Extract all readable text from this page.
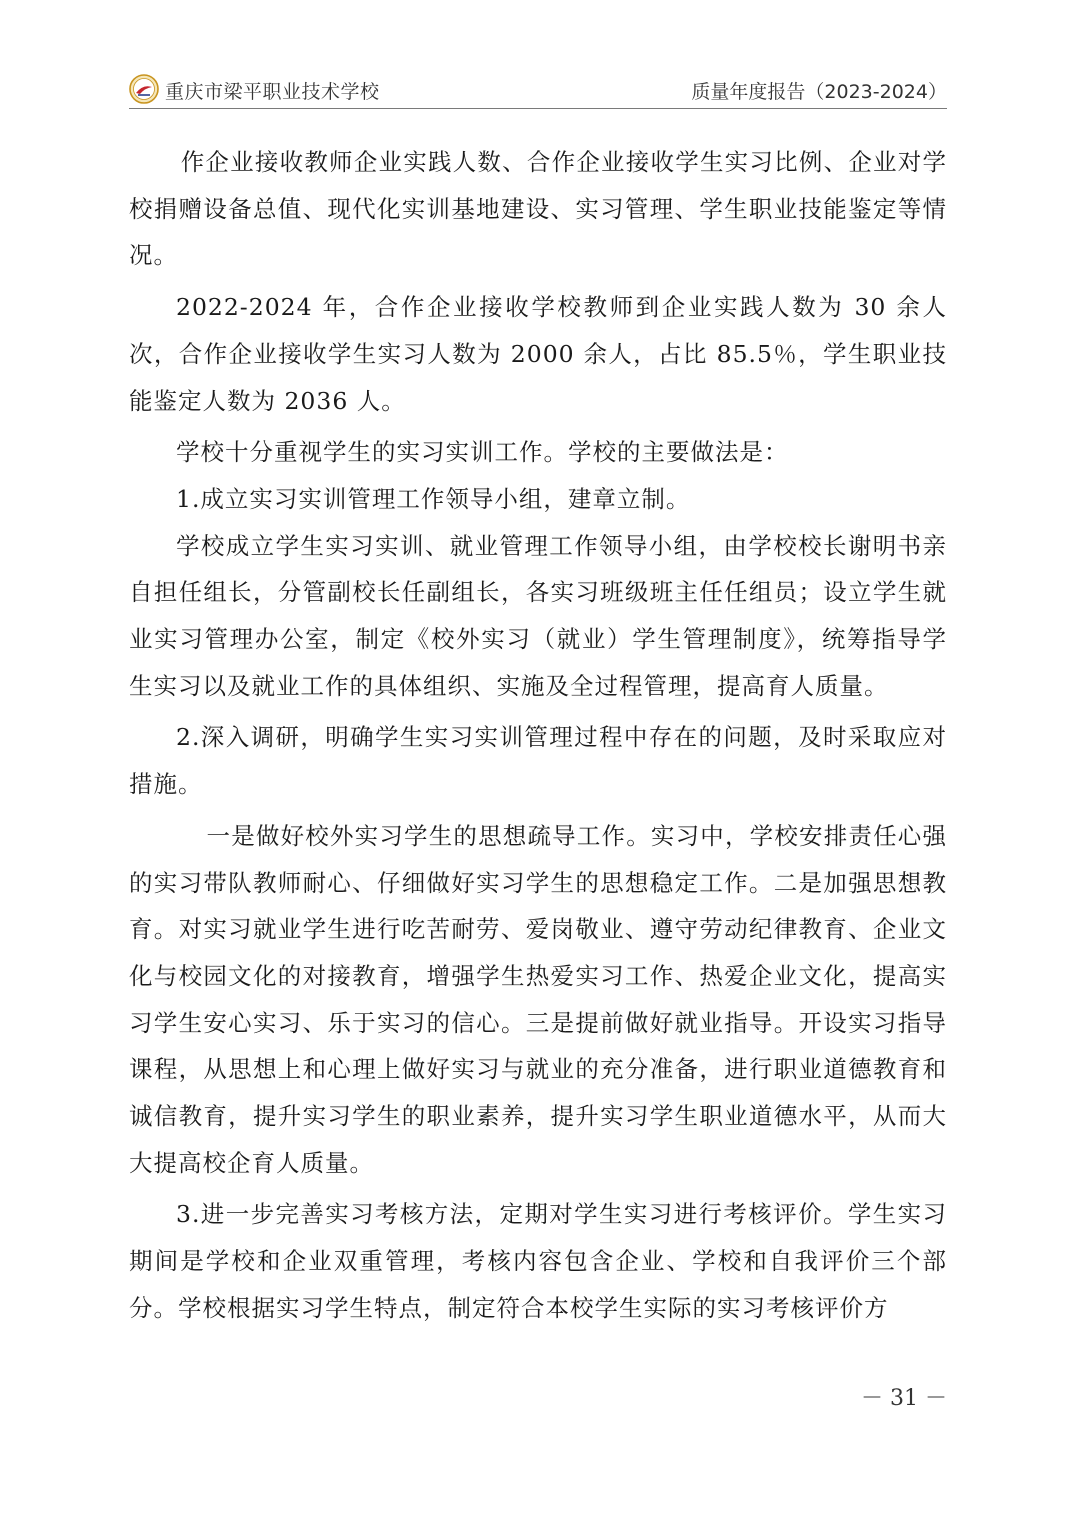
重庆市梁平职业技术学校	质量年度报告（2023-2024）

作企业接收教师企业实践人数、合作企业接收学生实习比例、企业对学校捐赠设备总值、现代化实训基地建设、实习管理、学生职业技能鉴定等情况。

2022-2024 年，合作企业接收学校教师到企业实践人数为 30 余人次，合作企业接收学生实习人数为 2000 余人，占比 85.5％，学生职业技能鉴定人数为 2036 人。

学校十分重视学生的实习实训工作。学校的主要做法是：

1.成立实习实训管理工作领导小组，建章立制。

学校成立学生实习实训、就业管理工作领导小组，由学校校长谢明书亲自担任组长，分管副校长任副组长，各实习班级班主任任组员；设立学生就业实习管理办公室，制定《校外实习（就业）学生管理制度》，统筹指导学生实习以及就业工作的具体组织、实施及全过程管理，提高育人质量。

2.深入调研，明确学生实习实训管理过程中存在的问题，及时采取应对措施。

一是做好校外实习学生的思想疏导工作。实习中，学校安排责任心强的实习带队教师耐心、仔细做好实习学生的思想稳定工作。二是加强思想教育。对实习就业学生进行吃苦耐劳、爱岗敬业、遵守劳动纪律教育、企业文化与校园文化的对接教育，增强学生热爱实习工作、热爱企业文化，提高实习学生安心实习、乐于实习的信心。三是提前做好就业指导。开设实习指导课程，从思想上和心理上做好实习与就业的充分准备，进行职业道德教育和诚信教育，提升实习学生的职业素养，提升实习学生职业道德水平，从而大大提高校企育人质量。

3.进一步完善实习考核方法，定期对学生实习进行考核评价。学生实习期间是学校和企业双重管理，考核内容包含企业、学校和自我评价三个部分。学校根据实习学生特点，制定符合本校学生实际的实习考核评价方

－ 31 －
